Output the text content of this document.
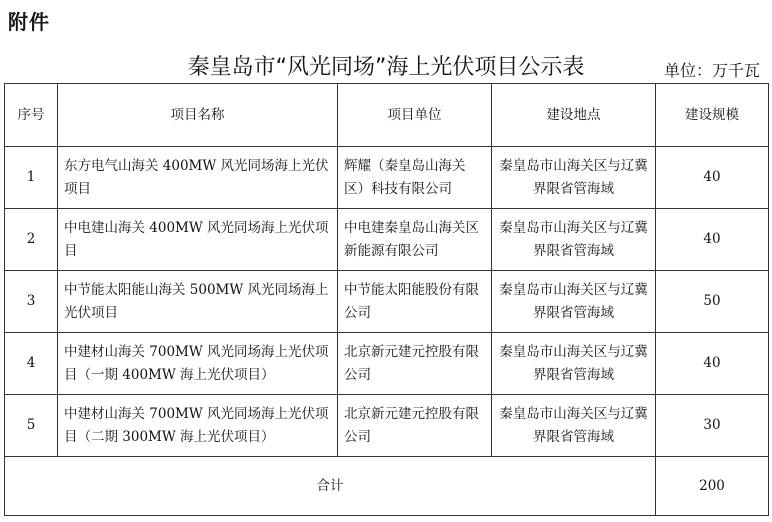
附件
秦皇岛市“风光同场”海上光伏项目公示表	单位：万千瓦
序号	项目名称	项目单位	建设地点	建设规模
1	东方电气山海关 400MW 风光同场海上光伏项目	辉耀（秦皇岛山海关区）科技有限公司	秦皇岛市山海关区与辽冀界限省管海域	40
2	中电建山海关 400MW 风光同场海上光伏项目	中电建秦皇岛山海关区新能源有限公司	秦皇岛市山海关区与辽冀界限省管海域	40
3	中节能太阳能山海关 500MW 风光同场海上光伏项目	中节能太阳能股份有限公司	秦皇岛市山海关区与辽冀界限省管海域	50
4	中建材山海关 700MW 风光同场海上光伏项目（一期 400MW 海上光伏项目）	北京新元建元控股有限公司	秦皇岛市山海关区与辽冀界限省管海域	40
5	中建材山海关 700MW 风光同场海上光伏项目（二期 300MW 海上光伏项目）	北京新元建元控股有限公司	秦皇岛市山海关区与辽冀界限省管海域	30
合计				200
